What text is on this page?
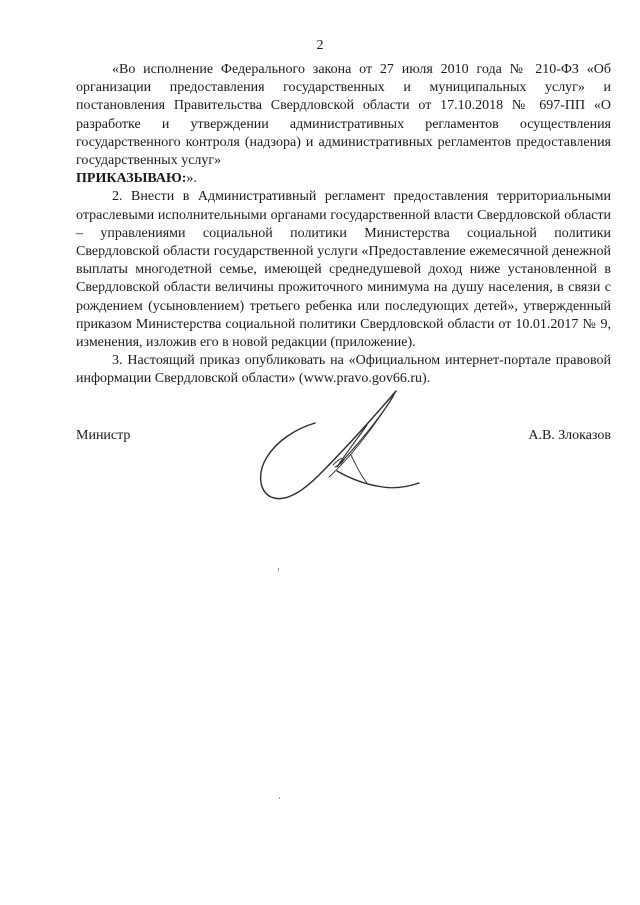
2

«Во исполнение Федерального закона от 27 июля 2010 года № 210-ФЗ «Об организации предоставления государственных и муниципальных услуг» и постановления Правительства Свердловской области от 17.10.2018 № 697-ПП «О разработке и утверждении административных регламентов осуществления государственного контроля (надзора) и административных регламентов предоставления государственных услуг»

ПРИКАЗЫВАЮ:».

2. Внести в Административный регламент предоставления территориальными отраслевыми исполнительными органами государственной власти Свердловской области – управлениями социальной политики Министерства социальной политики Свердловской области государственной услуги «Предоставление ежемесячной денежной выплаты многодетной семье, имеющей среднедушевой доход ниже установленной в Свердловской области величины прожиточного минимума на душу населения, в связи с рождением (усыновлением) третьего ребенка или последующих детей», утвержденный приказом Министерства социальной политики Свердловской области от 10.01.2017 № 9, изменения, изложив его в новой редакции (приложение).

3. Настоящий приказ опубликовать на «Официальном интернет-портале правовой информации Свердловской области» (www.pravo.gov66.ru).

Министр	А.В. Злоказов
